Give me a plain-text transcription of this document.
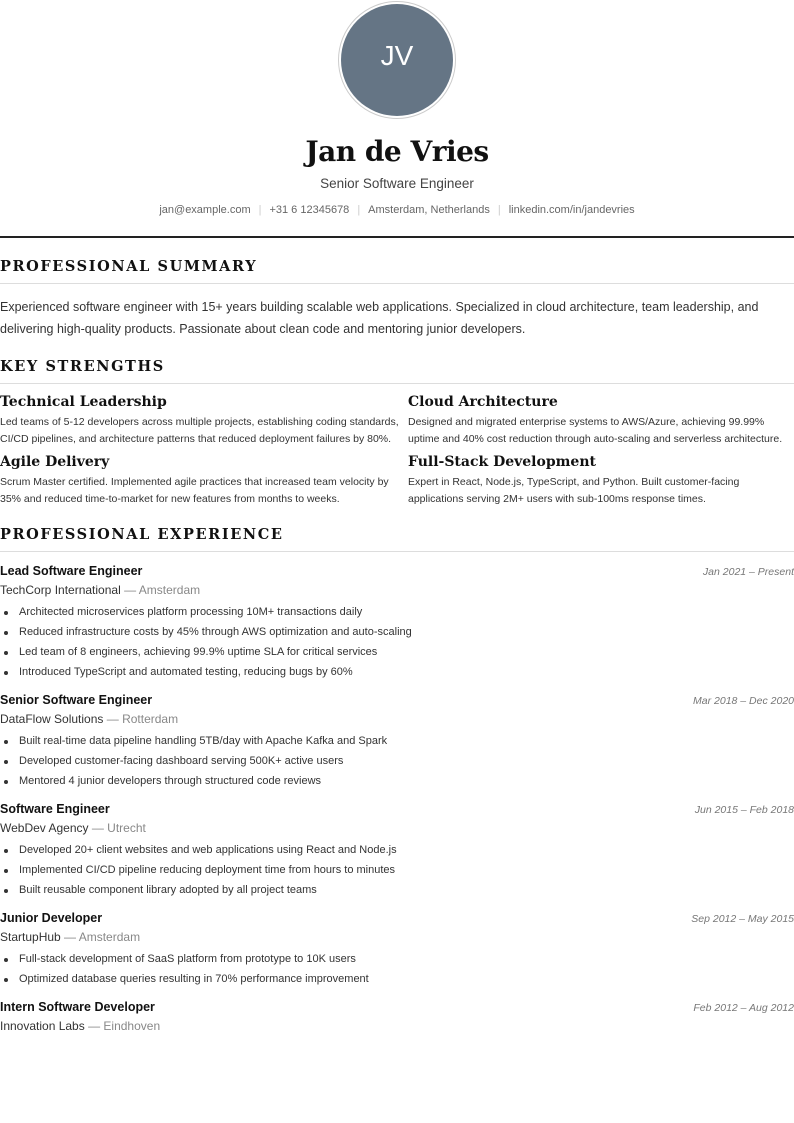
JV
Jan de Vries
Senior Software Engineer
jan@example.com | +31 6 12345678 | Amsterdam, Netherlands | linkedin.com/in/jandevries
PROFESSIONAL SUMMARY

Experienced software engineer with 15+ years building scalable web applications. Specialized in cloud architecture, team leadership, and delivering high-quality products. Passionate about clean code and mentoring junior developers.

KEY STRENGTHS
Technical Leadership

Led teams of 5-12 developers across multiple projects, establishing coding standards, CI/CD pipelines, and architecture patterns that reduced deployment failures by 80%.

Cloud Architecture

Designed and migrated enterprise systems to AWS/Azure, achieving 99.99% uptime and 40% cost reduction through auto-scaling and serverless architecture.

Agile Delivery

Scrum Master certified. Implemented agile practices that increased team velocity by 35% and reduced time-to-market for new features from months to weeks.

Full-Stack Development

Expert in React, Node.js, TypeScript, and Python. Built customer-facing applications serving 2M+ users with sub-100ms response times.

PROFESSIONAL EXPERIENCE
Lead Software Engineer	Jan 2021 – Present
TechCorp International — Amsterdam
Architected microservices platform processing 10M+ transactions daily
Reduced infrastructure costs by 45% through AWS optimization and auto-scaling
Led team of 8 engineers, achieving 99.9% uptime SLA for critical services
Introduced TypeScript and automated testing, reducing bugs by 60%
Senior Software Engineer	Mar 2018 – Dec 2020
DataFlow Solutions — Rotterdam
Built real-time data pipeline handling 5TB/day with Apache Kafka and Spark
Developed customer-facing dashboard serving 500K+ active users
Mentored 4 junior developers through structured code reviews
Software Engineer	Jun 2015 – Feb 2018
WebDev Agency — Utrecht
Developed 20+ client websites and web applications using React and Node.js
Implemented CI/CD pipeline reducing deployment time from hours to minutes
Built reusable component library adopted by all project teams
Junior Developer	Sep 2012 – May 2015
StartupHub — Amsterdam
Full-stack development of SaaS platform from prototype to 10K users
Optimized database queries resulting in 70% performance improvement
Intern Software Developer	Feb 2012 – Aug 2012
Innovation Labs — Eindhoven
